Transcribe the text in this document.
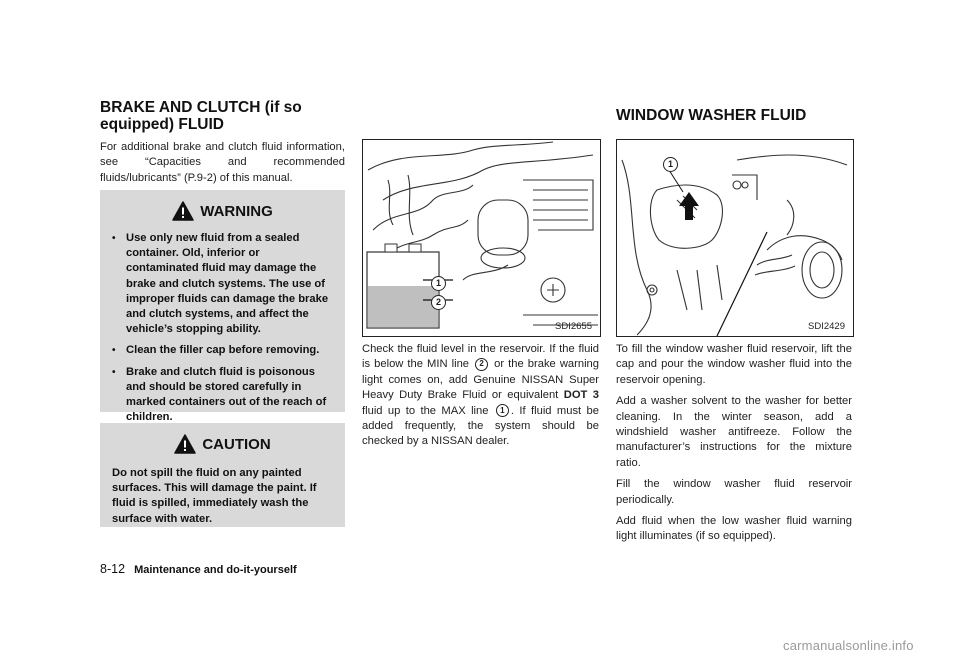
BRAKE AND CLUTCH (if so
equipped) FLUID

For additional brake and clutch fluid information, see “Capacities and recommended fluids/lubricants” (P.9-2) of this manual.

WARNING
• Use only new fluid from a sealed container. Old, inferior or contaminated fluid may damage the brake and clutch systems. The use of improper fluids can damage the brake and clutch systems, and affect the vehicle’s stopping ability.
• Clean the filler cap before removing.
• Brake and clutch fluid is poisonous and should be stored carefully in marked containers out of the reach of children.
CAUTION
Do not spill the fluid on any painted surfaces. This will damage the paint. If fluid is spilled, immediately wash the surface with water.
1
2
SDI2655

Check the fluid level in the reservoir. If the fluid is below the MIN line 2 or the brake warning light comes on, add Genuine NISSAN Super Heavy Duty Brake Fluid or equivalent DOT 3 fluid up to the MAX line 1 . If fluid must be added frequently, the system should be checked by a NISSAN dealer.

WINDOW WASHER FLUID
1
SDI2429

To fill the window washer fluid reservoir, lift the cap and pour the window washer fluid into the reservoir opening.

Add a washer solvent to the washer for better cleaning. In the winter season, add a windshield washer antifreeze. Follow the manufacturer’s instructions for the mixture ratio.

Fill the window washer fluid reservoir periodically.

Add fluid when the low washer fluid warning light illuminates (if so equipped).

8-12 Maintenance and do-it-yourself
carmanualsonline.info
